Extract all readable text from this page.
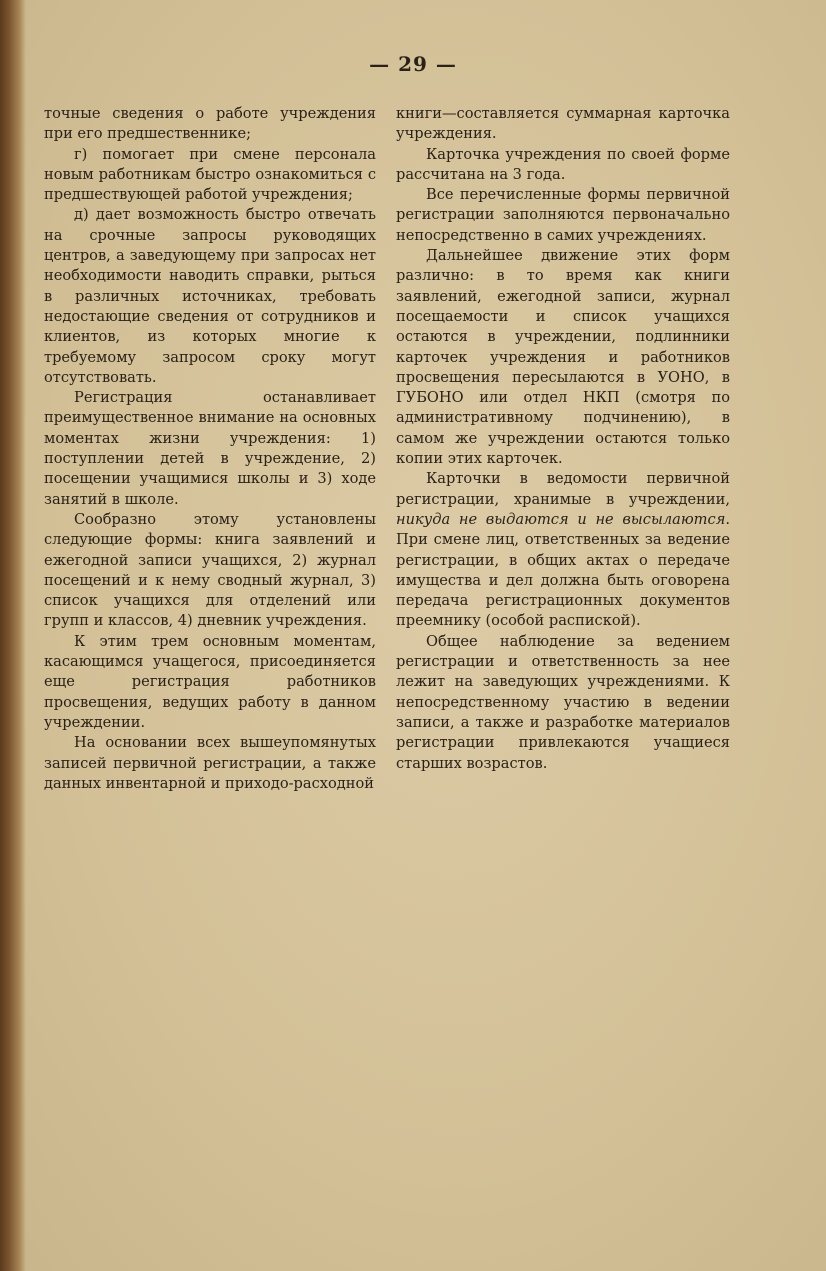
— 29 —

точные сведения о работе учреждения при его предшественнике;

г) помогает при смене персонала новым работникам быстро ознакомиться с предшествующей работой учреждения;

д) дает возможность быстро отвечать на срочные запросы руководящих центров, а заведующему при запросах нет необходимости наводить справки, рыться в различных источниках, требовать недостающие сведения от сотрудников и клиентов, из которых многие к требуемому запросом сроку могут отсутствовать.

Регистрация останавливает преимущественное внимание на основных моментах жизни учреждения: 1) поступлении детей в учреждение, 2) посещении учащимися школы и 3) ходе занятий в школе.

Сообразно этому установлены следующие формы: книга заявлений и ежегодной записи учащихся, 2) журнал посещений и к нему сводный журнал, 3) список учащихся для отделений или групп и классов, 4) дневник учреждения.

К этим трем основным моментам, касающимся учащегося, присоединяется еще регистрация работников просвещения, ведущих работу в данном учреждении.

На основании всех вышеупомянутых записей первичной регистрации, а также данных инвентарной и приходо-расходной

книги—составляется суммарная карточка учреждения.

Карточка учреждения по своей форме рассчитана на 3 года.

Все перечисленные формы первичной регистрации заполняются первоначально непосредственно в самих учреждениях.

Дальнейшее движение этих форм различно: в то время как книги заявлений, ежегодной записи, журнал посещаемости и список учащихся остаются в учреждении, подлинники карточек учреждения и работников просвещения пересылаются в УОНО, в ГУБОНО или отдел НКП (смотря по административному подчинению), в самом же учреждении остаются только копии этих карточек.

Карточки в ведомости первичной регистрации, хранимые в учреждении, никуда не выдаются и не высылаются. При смене лиц, ответственных за ведение регистрации, в общих актах о передаче имущества и дел должна быть оговорена передача регистрационных документов преемнику (особой распиской).

Общее наблюдение за ведением регистрации и ответственность за нее лежит на заведующих учреждениями. К непосредственному участию в ведении записи, а также и разработке материалов регистрации привлекаются учащиеся старших возрастов.
